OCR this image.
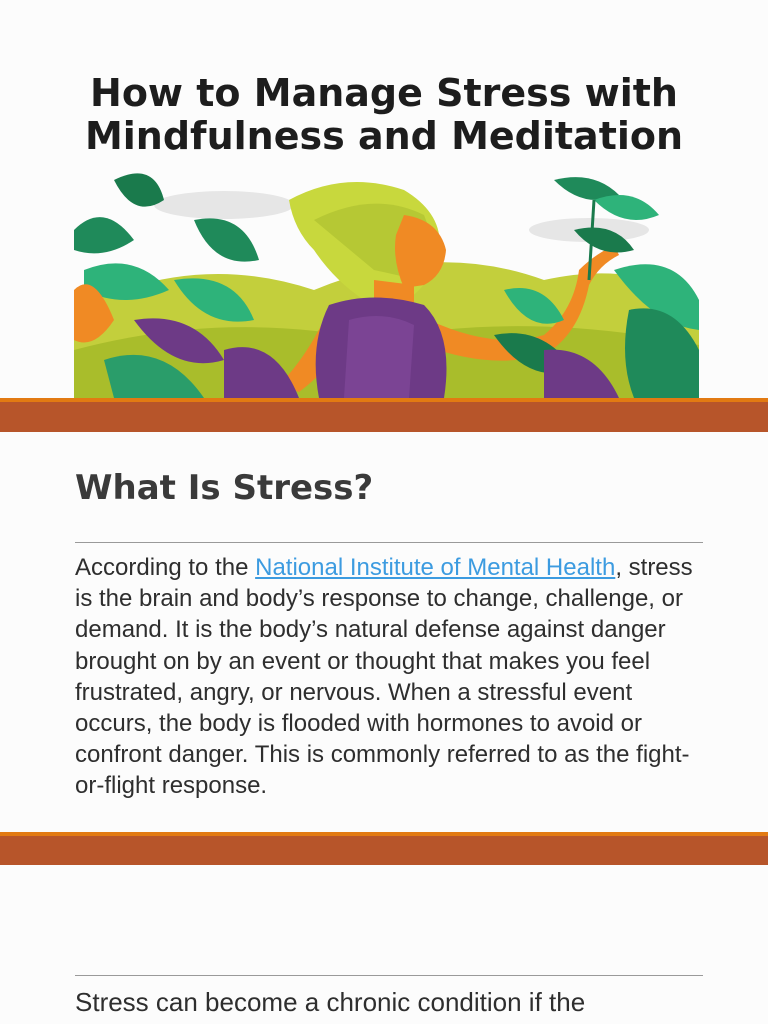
How to Manage Stress with Mindfulness and Meditation
What Is Stress?

According to the National Institute of Mental Health, stress is the brain and body’s response to change, challenge, or demand. It is the body’s natural defense against danger brought on by an event or thought that makes you feel frustrated, angry, or nervous. When a stressful event occurs, the body is flooded with hormones to avoid or confront danger. This is commonly referred to as the fight-or-flight response.

Stress can become a chronic condition if the
